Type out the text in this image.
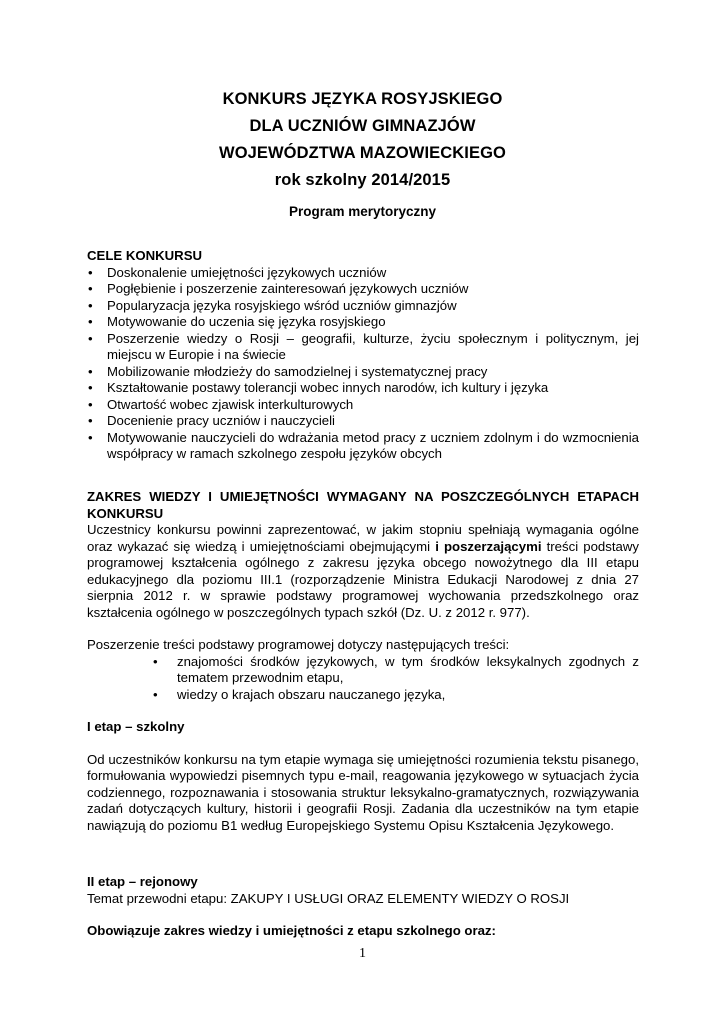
KONKURS JĘZYKA ROSYJSKIEGO
DLA UCZNIÓW GIMNAZJÓW
WOJEWÓDZTWA MAZOWIECKIEGO
rok szkolny 2014/2015
Program merytoryczny
CELE KONKURSU
• Doskonalenie umiejętności językowych uczniów
• Pogłębienie i poszerzenie zainteresowań językowych uczniów
• Popularyzacja języka rosyjskiego wśród uczniów gimnazjów
• Motywowanie do uczenia się języka rosyjskiego
• Poszerzenie wiedzy o Rosji – geografii, kulturze, życiu społecznym i politycznym, jej miejscu w Europie i na świecie
• Mobilizowanie młodzieży do samodzielnej i systematycznej pracy
• Kształtowanie postawy tolerancji wobec innych narodów, ich kultury i języka
• Otwartość wobec zjawisk interkulturowych
• Docenienie pracy uczniów i nauczycieli
• Motywowanie nauczycieli do wdrażania metod pracy z uczniem zdolnym i do wzmocnienia współpracy w ramach szkolnego zespołu języków obcych
ZAKRES WIEDZY I UMIEJĘTNOŚCI WYMAGANY NA POSZCZEGÓLNYCH ETAPACH KONKURSU
Uczestnicy konkursu powinni zaprezentować, w jakim stopniu spełniają wymagania ogólne oraz wykazać się wiedzą i umiejętnościami obejmującymi i poszerzającymi treści podstawy programowej kształcenia ogólnego z zakresu języka obcego nowożytnego dla III etapu edukacyjnego dla poziomu III.1 (rozporządzenie Ministra Edukacji Narodowej z dnia 27 sierpnia 2012 r. w sprawie podstawy programowej wychowania przedszkolnego oraz kształcenia ogólnego w poszczególnych typach szkół (Dz. U. z 2012 r. 977).
Poszerzenie treści podstawy programowej dotyczy następujących treści:
• znajomości środków językowych, w tym środków leksykalnych zgodnych z tematem przewodnim etapu,
• wiedzy o krajach obszaru nauczanego języka,
I etap – szkolny
Od uczestników konkursu na tym etapie wymaga się umiejętności rozumienia tekstu pisanego, formułowania wypowiedzi pisemnych typu e-mail, reagowania językowego w sytuacjach życia codziennego, rozpoznawania i stosowania struktur leksykalno-gramatycznych, rozwiązywania zadań dotyczących kultury, historii i geografii Rosji. Zadania dla uczestników na tym etapie nawiązują do poziomu B1 według Europejskiego Systemu Opisu Kształcenia Językowego.
II etap – rejonowy
Temat przewodni etapu: ZAKUPY I USŁUGI ORAZ ELEMENTY WIEDZY O ROSJI
Obowiązuje zakres wiedzy i umiejętności z etapu szkolnego oraz:
1
